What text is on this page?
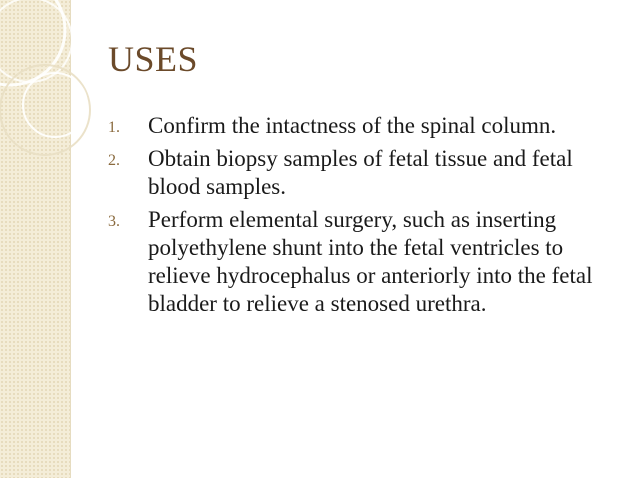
USES
1. Confirm the intactness of the spinal column.
2. Obtain biopsy samples of fetal tissue and fetal blood samples.
3. Perform elemental surgery, such as inserting polyethylene shunt into the fetal ventricles to relieve hydrocephalus or anteriorly into the fetal bladder to relieve a stenosed urethra.
